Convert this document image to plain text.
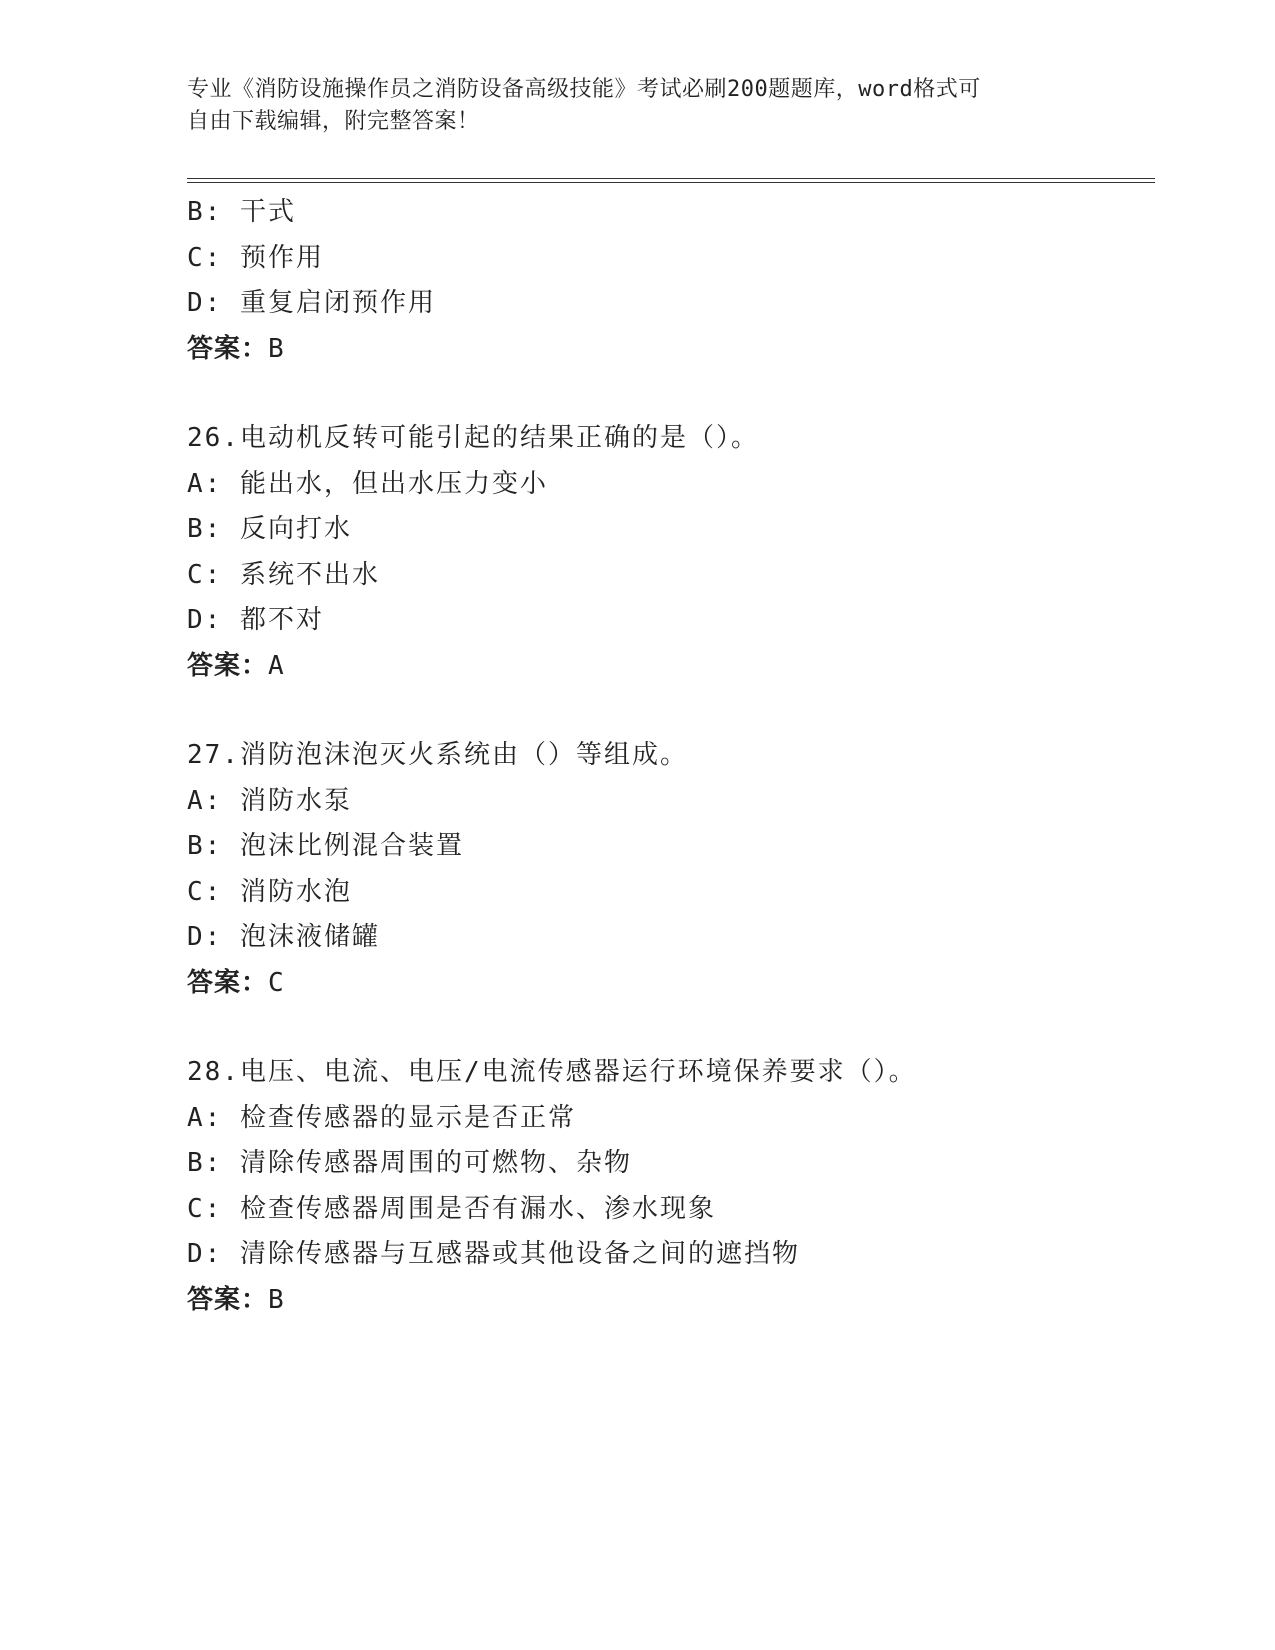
专业《消防设施操作员之消防设备高级技能》考试必刷200题题库，word格式可
自由下载编辑，附完整答案！
B: 干式
C: 预作用
D: 重复启闭预作用
答案：B
26.电动机反转可能引起的结果正确的是（）。
A: 能出水，但出水压力变小
B: 反向打水
C: 系统不出水
D: 都不对
答案：A
27.消防泡沫泡灭火系统由（）等组成。
A: 消防水泵
B: 泡沫比例混合装置
C: 消防水泡
D: 泡沫液储罐
答案：C
28.电压、电流、电压/电流传感器运行环境保养要求（）。
A: 检查传感器的显示是否正常
B: 清除传感器周围的可燃物、杂物
C: 检查传感器周围是否有漏水、渗水现象
D: 清除传感器与互感器或其他设备之间的遮挡物
答案：B
